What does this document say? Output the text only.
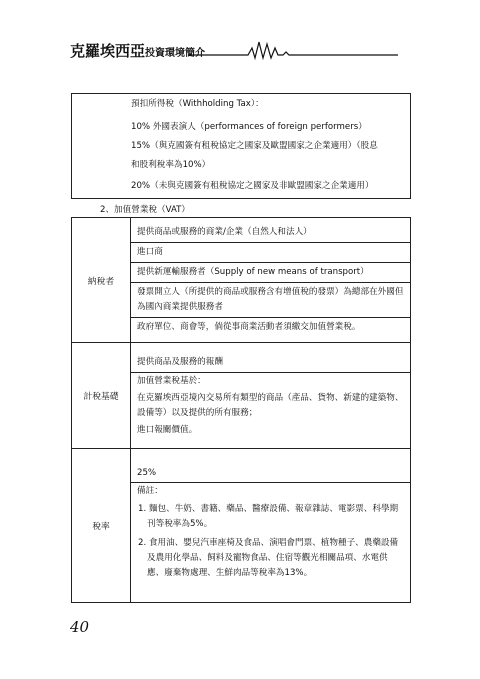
克羅埃西亞投資環境簡介
預扣所得稅（Withholding Tax）：
10% 外國表演人（performances of foreign performers）
15%（與克國簽有租稅協定之國家及歐盟國家之企業適用）（股息
和股利稅率為10%）
20%（未與克國簽有租稅協定之國家及非歐盟國家之企業適用）
2、加值營業稅（VAT）
納稅者	提供商品或服務的商業/企業（自然人和法人）
進口商
提供新運輸服務者（Supply of new means of transport）
發票開立人（所提供的商品或服務含有增值稅的發票）為總部在外國但為國內商業提供服務者
政府單位、商會等，倘從事商業活動者須繳交加值營業稅。

計稅基礎	提供商品及服務的報酬
加值營業稅基於：
在克羅埃西亞境內交易所有類型的商品（產品、貨物、新建的建築物、設備等）以及提供的所有服務；
進口報關價值。

稅率	25%
備註：
1. 麵包、牛奶、書籍、藥品、醫療設備、報章雜誌、電影票、科學期刊等稅率為5%。
2. 食用油、嬰兒汽車座椅及食品、演唱會門票、植物種子、農藥設備及農用化學品、飼料及寵物食品、住宿等觀光相關品項、水電供應、廢棄物處理、生鮮肉品等稅率為13%。
40
